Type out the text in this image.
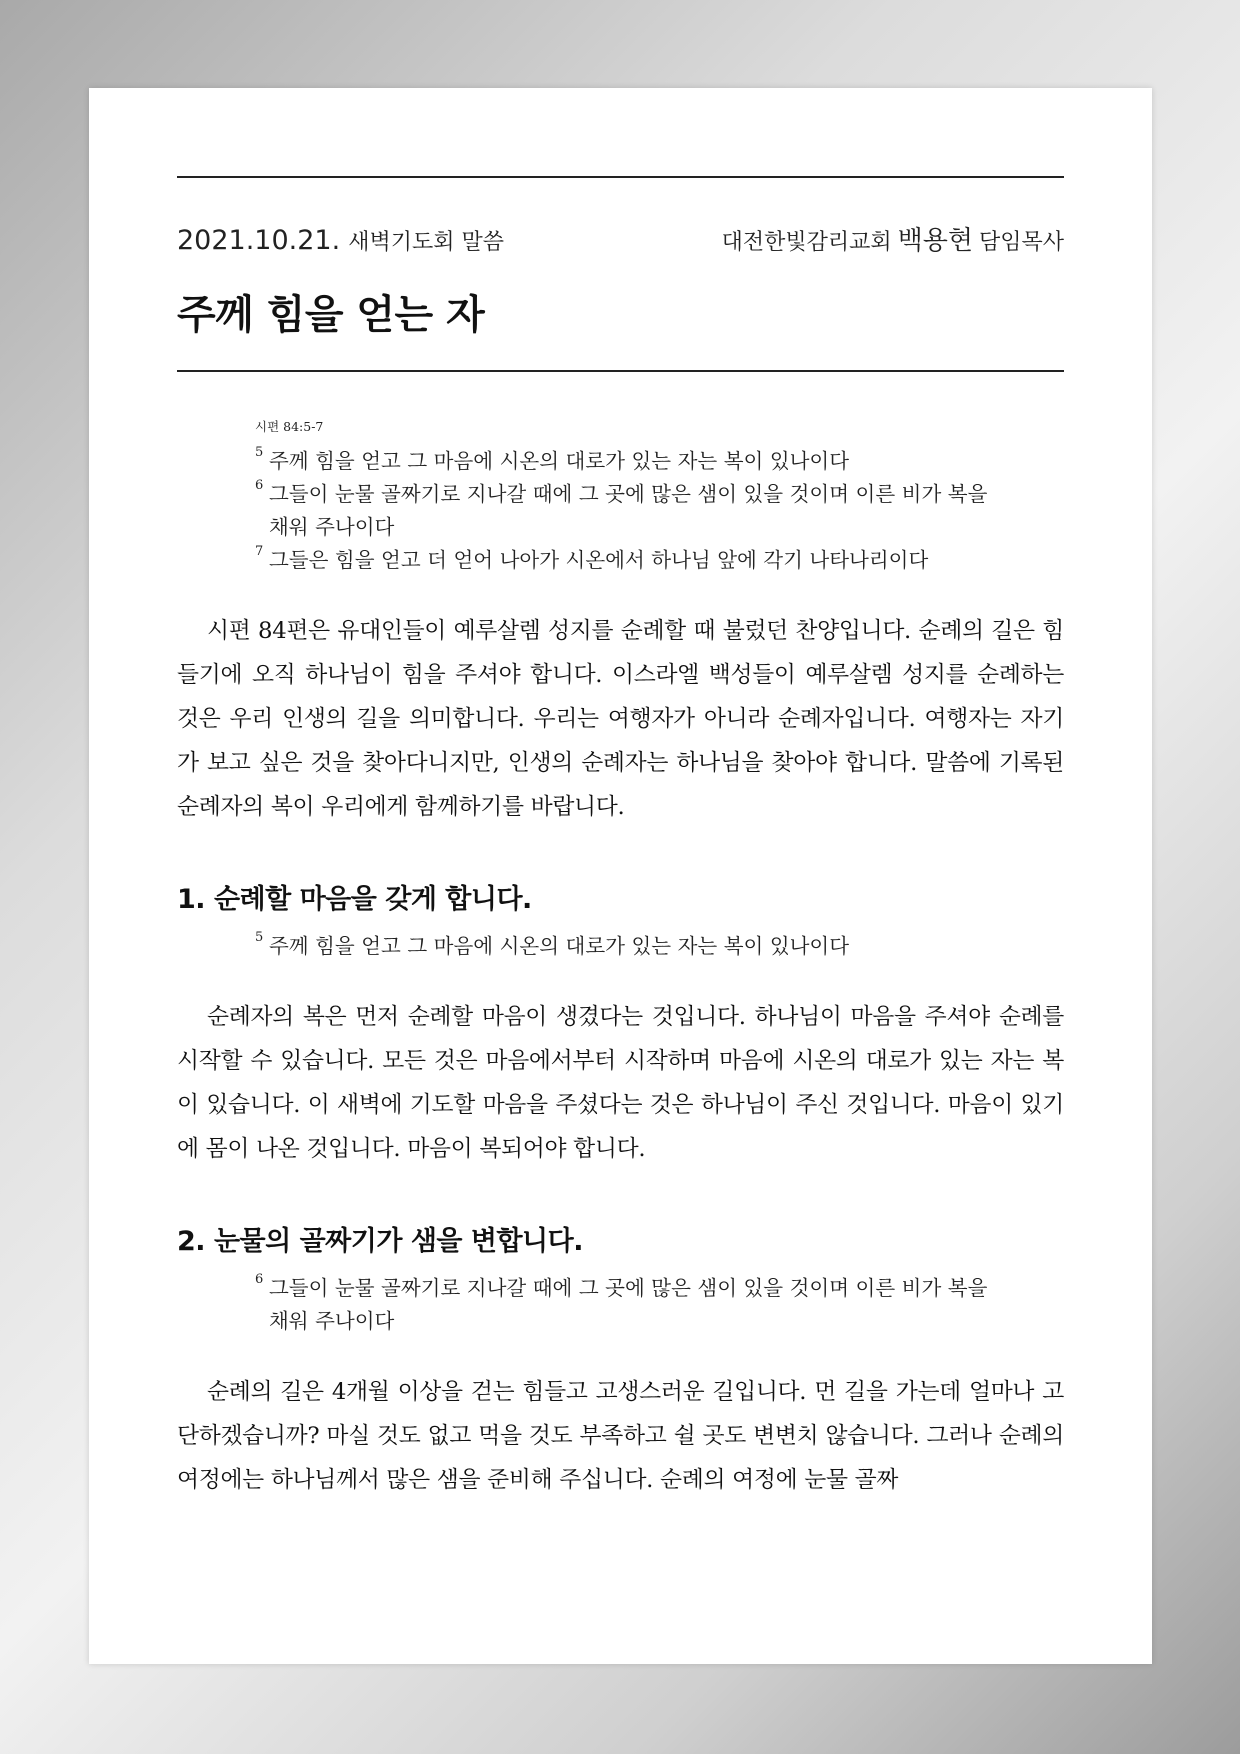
2021.10.21. 새벽기도회 말씀	대전한빛감리교회 백용현 담임목사
주께 힘을 얻는 자
시편 84:5-7
5 주께 힘을 얻고 그 마음에 시온의 대로가 있는 자는 복이 있나이다
6 그들이 눈물 골짜기로 지나갈 때에 그 곳에 많은 샘이 있을 것이며 이른 비가 복을 채워 주나이다
7 그들은 힘을 얻고 더 얻어 나아가 시온에서 하나님 앞에 각기 나타나리이다
시편 84편은 유대인들이 예루살렘 성지를 순례할 때 불렀던 찬양입니다. 순례의 길은 힘들기에 오직 하나님이 힘을 주셔야 합니다. 이스라엘 백성들이 예루살렘 성지를 순례하는 것은 우리 인생의 길을 의미합니다. 우리는 여행자가 아니라 순례자입니다. 여행자는 자기가 보고 싶은 것을 찾아다니지만, 인생의 순례자는 하나님을 찾아야 합니다. 말씀에 기록된 순례자의 복이 우리에게 함께하기를 바랍니다.
1. 순례할 마음을 갖게 합니다.
5 주께 힘을 얻고 그 마음에 시온의 대로가 있는 자는 복이 있나이다
순례자의 복은 먼저 순례할 마음이 생겼다는 것입니다. 하나님이 마음을 주셔야 순례를 시작할 수 있습니다. 모든 것은 마음에서부터 시작하며 마음에 시온의 대로가 있는 자는 복이 있습니다. 이 새벽에 기도할 마음을 주셨다는 것은 하나님이 주신 것입니다. 마음이 있기에 몸이 나온 것입니다. 마음이 복되어야 합니다.
2. 눈물의 골짜기가 샘을 변합니다.
6 그들이 눈물 골짜기로 지나갈 때에 그 곳에 많은 샘이 있을 것이며 이른 비가 복을 채워 주나이다
순례의 길은 4개월 이상을 걷는 힘들고 고생스러운 길입니다. 먼 길을 가는데 얼마나 고단하겠습니까? 마실 것도 없고 먹을 것도 부족하고 쉴 곳도 변변치 않습니다. 그러나 순례의 여정에는 하나님께서 많은 샘을 준비해 주십니다. 순례의 여정에 눈물 골짜
